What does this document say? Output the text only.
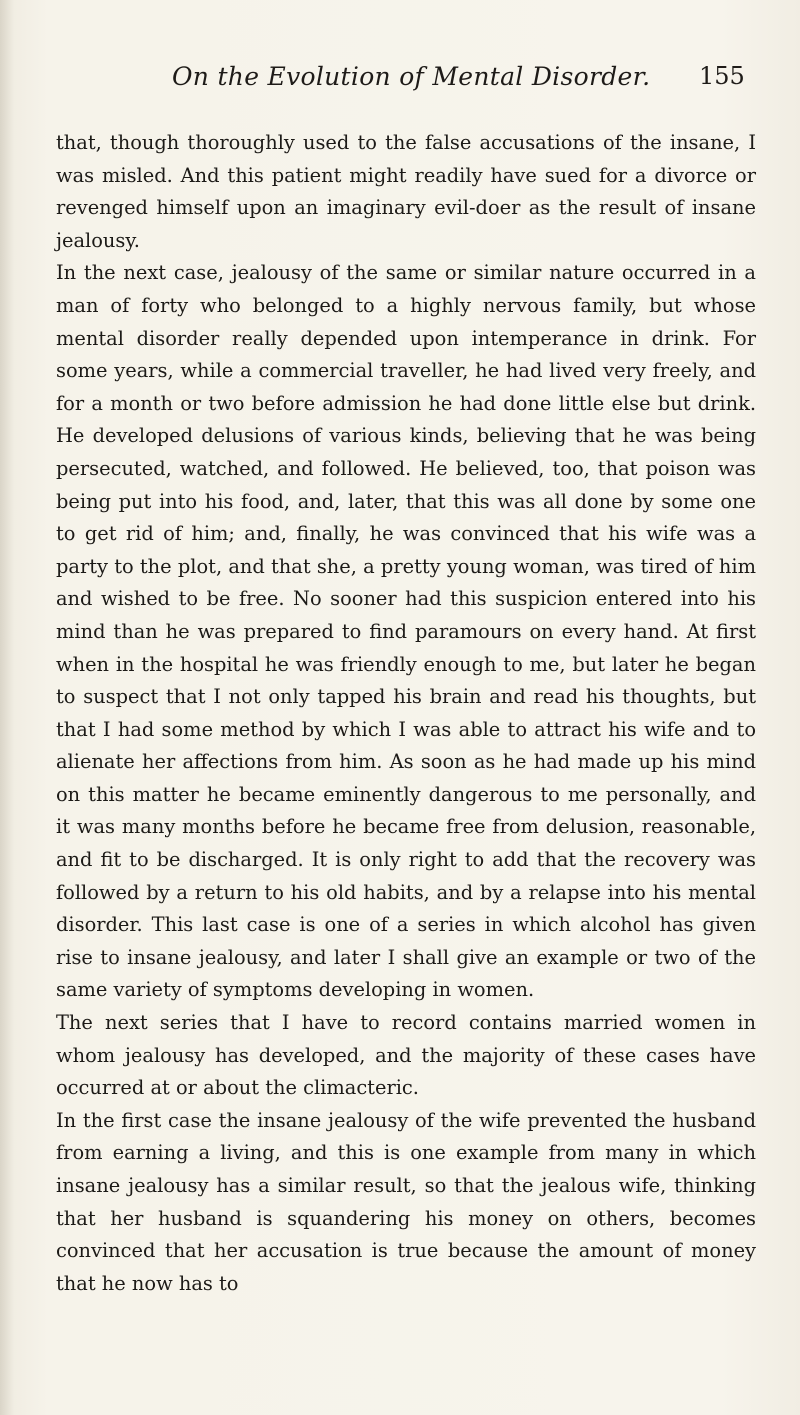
On the Evolution of Mental Disorder. 155

that, though thoroughly used to the false accusations of the insane, I was misled. And this patient might readily have sued for a divorce or revenged himself upon an imaginary evil-doer as the result of insane jealousy.

In the next case, jealousy of the same or similar nature occurred in a man of forty who belonged to a highly nervous family, but whose mental disorder really depended upon intemperance in drink. For some years, while a commercial traveller, he had lived very freely, and for a month or two before admission he had done little else but drink. He developed delusions of various kinds, believing that he was being persecuted, watched, and followed. He believed, too, that poison was being put into his food, and, later, that this was all done by some one to get rid of him; and, finally, he was convinced that his wife was a party to the plot, and that she, a pretty young woman, was tired of him and wished to be free. No sooner had this suspicion entered into his mind than he was prepared to find paramours on every hand. At first when in the hospital he was friendly enough to me, but later he began to suspect that I not only tapped his brain and read his thoughts, but that I had some method by which I was able to attract his wife and to alienate her affections from him. As soon as he had made up his mind on this matter he became eminently dangerous to me personally, and it was many months before he became free from delusion, reasonable, and fit to be discharged. It is only right to add that the recovery was followed by a return to his old habits, and by a relapse into his mental disorder. This last case is one of a series in which alcohol has given rise to insane jealousy, and later I shall give an example or two of the same variety of symptoms developing in women.

The next series that I have to record contains married women in whom jealousy has developed, and the majority of these cases have occurred at or about the climacteric.

In the first case the insane jealousy of the wife prevented the husband from earning a living, and this is one example from many in which insane jealousy has a similar result, so that the jealous wife, thinking that her husband is squandering his money on others, becomes convinced that her accusation is true because the amount of money that he now has to
